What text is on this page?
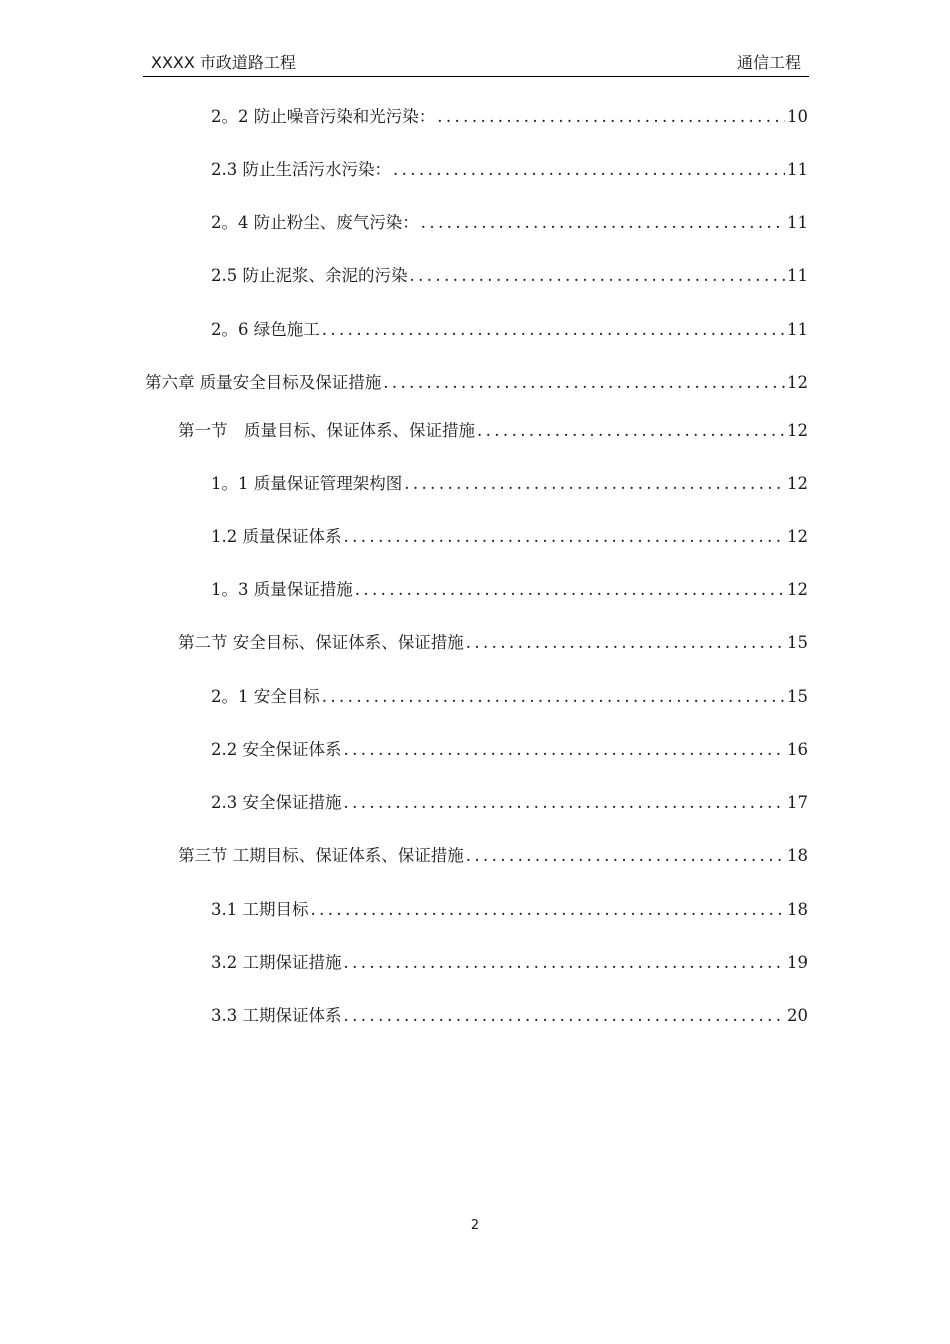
XXXX 市政道路工程	通信工程
2。2 防止噪音污染和光污染： .....	10
2.3 防止生活污水污染： .....	11
2。4 防止粉尘、废气污染： .....	11
2.5 防止泥浆、余泥的污染 .....	11
2。6 绿色施工 .....	11
第六章 质量安全目标及保证措施 .....	12
第一节　质量目标、保证体系、保证措施 .....	12
1。1 质量保证管理架构图 .....	12
1.2 质量保证体系 .....	12
1。3 质量保证措施 .....	12
第二节 安全目标、保证体系、保证措施 .....	15
2。1 安全目标 .....	15
2.2 安全保证体系 .....	16
2.3 安全保证措施 .....	17
第三节 工期目标、保证体系、保证措施 .....	18
3.1 工期目标 .....	18
3.2 工期保证措施 .....	19
3.3 工期保证体系 .....	20
2
